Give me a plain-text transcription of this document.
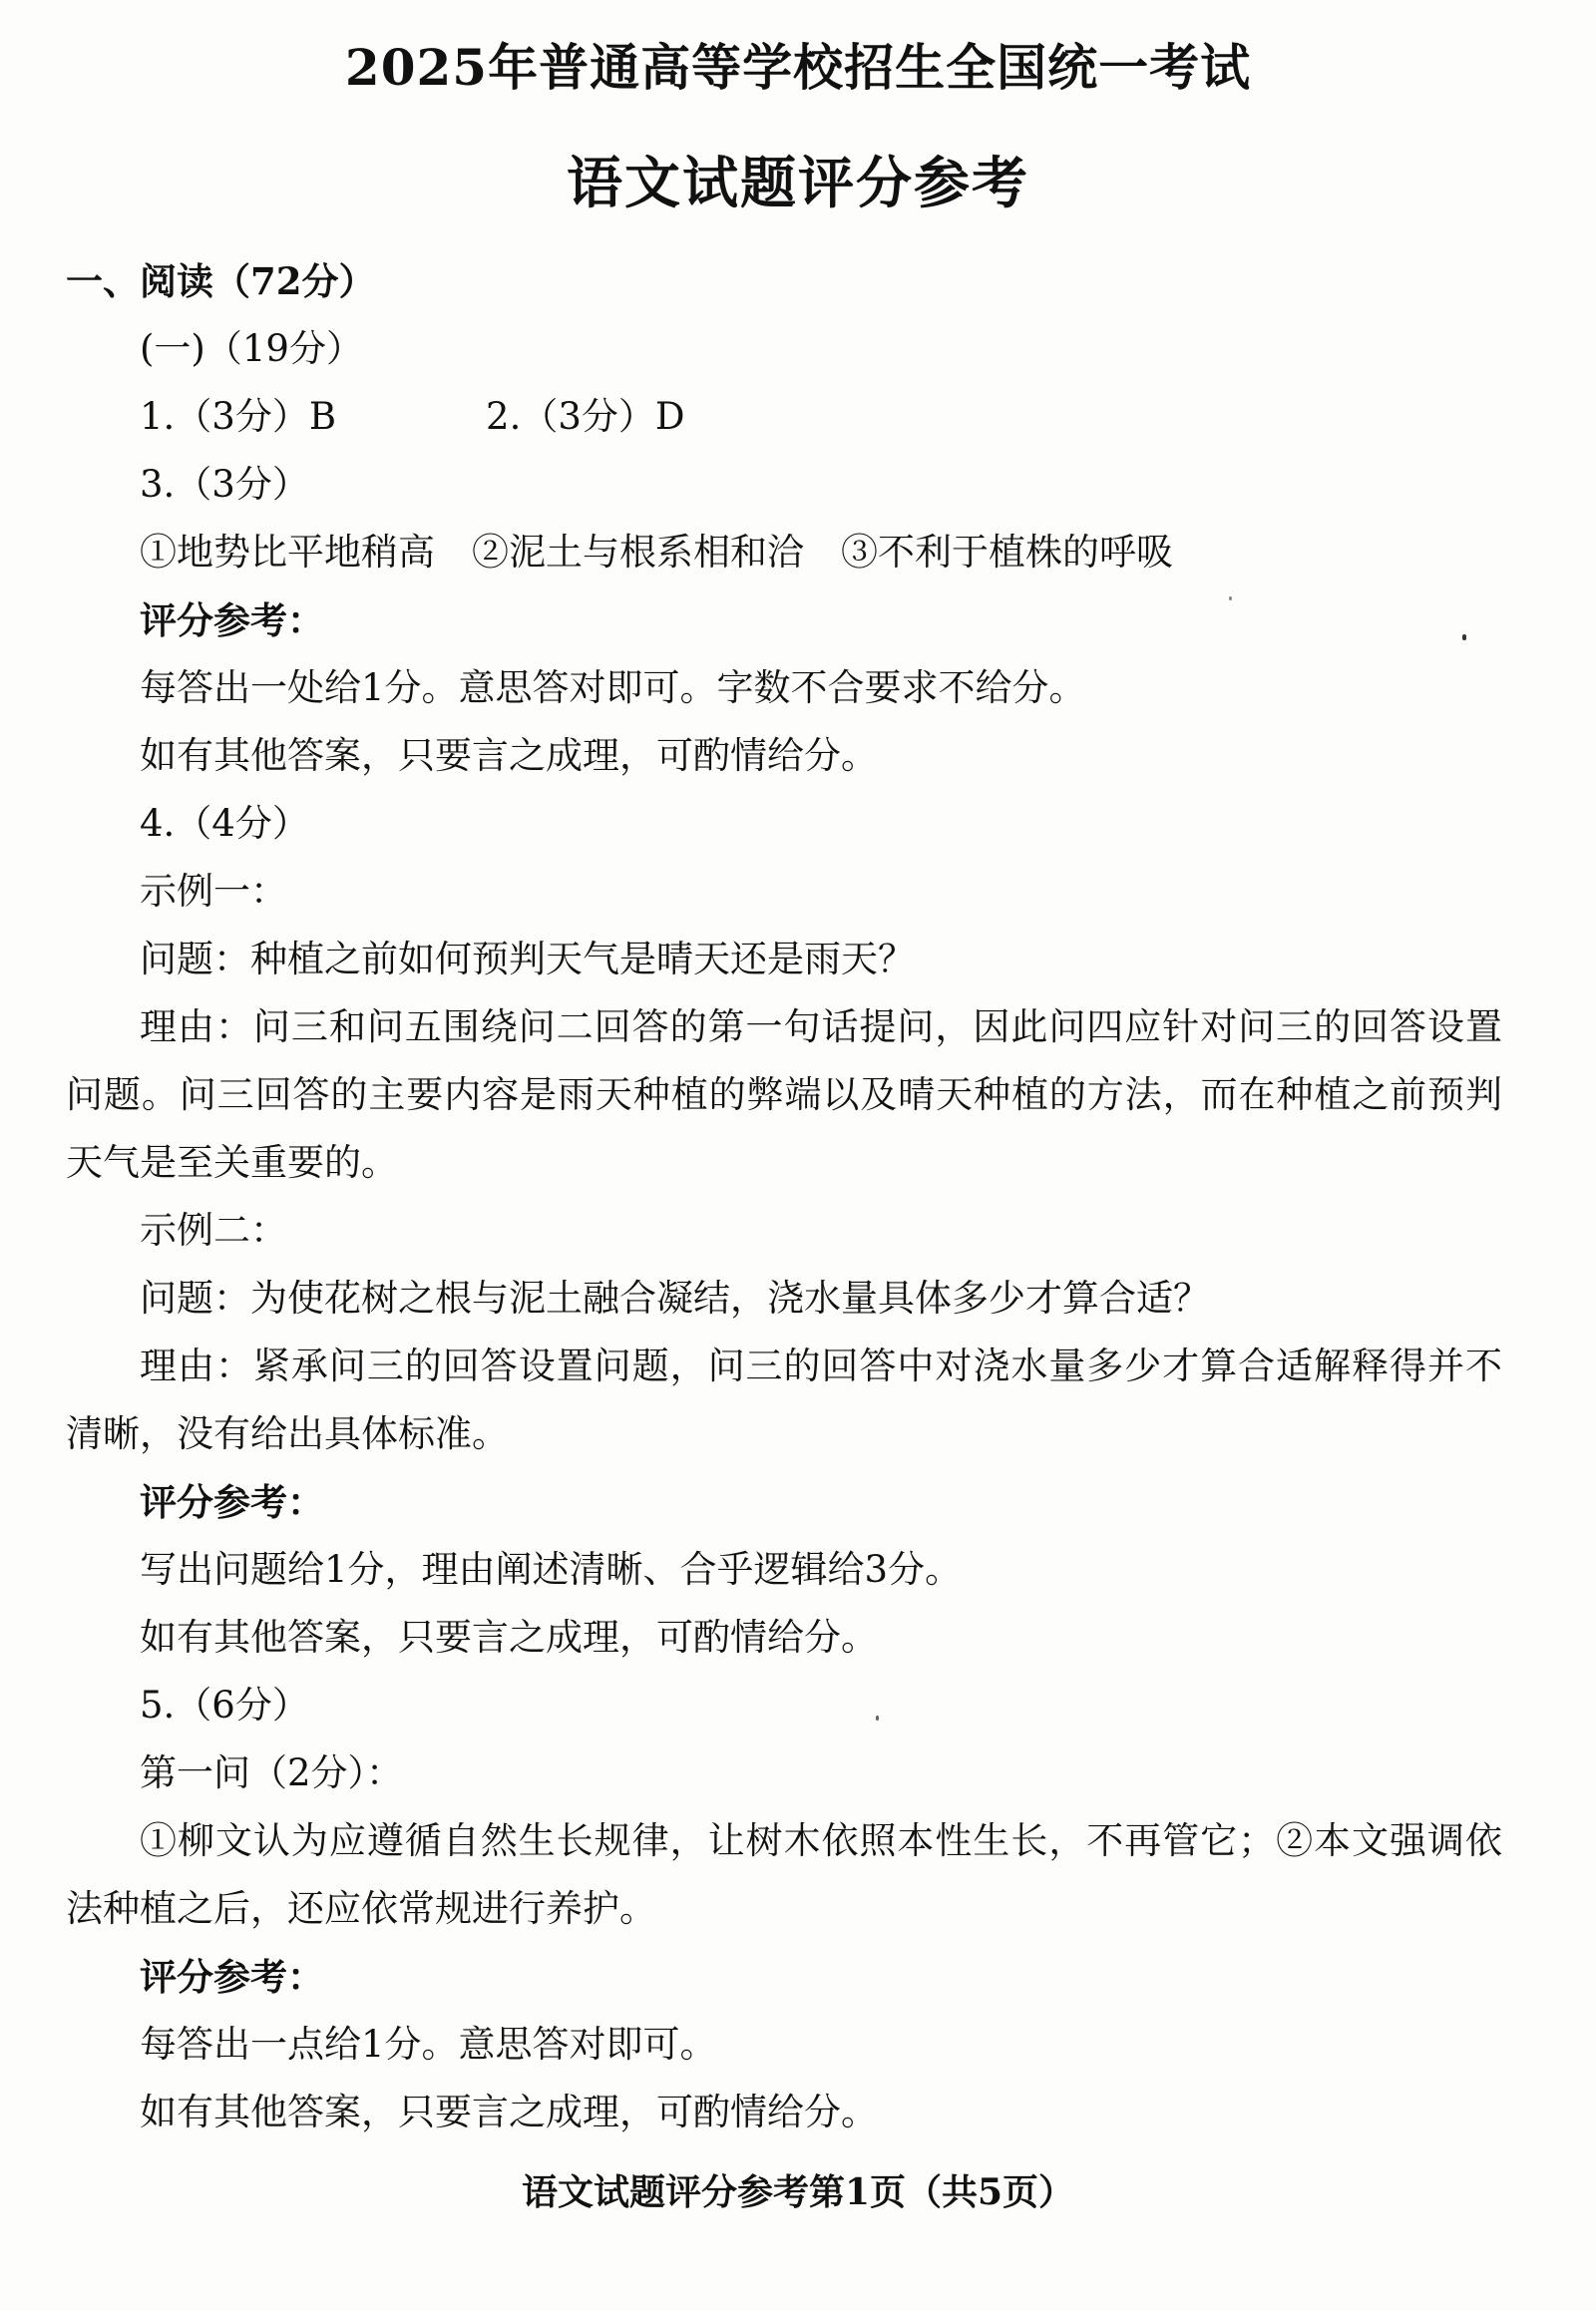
2025年普通高等学校招生全国统一考试
语文试题评分参考
一、阅读（72分）
(一)（19分）
1.（3分）B	2.（3分）D
3.（3分）
①地势比平地稍高　②泥土与根系相和洽　③不利于植株的呼吸
评分参考：
每答出一处给1分。意思答对即可。字数不合要求不给分。
如有其他答案，只要言之成理，可酌情给分。
4.（4分）
示例一：
问题：种植之前如何预判天气是晴天还是雨天？
理由：问三和问五围绕问二回答的第一句话提问，因此问四应针对问三的回答设置问题。问三回答的主要内容是雨天种植的弊端以及晴天种植的方法，而在种植之前预判天气是至关重要的。
示例二：
问题：为使花树之根与泥土融合凝结，浇水量具体多少才算合适？
理由：紧承问三的回答设置问题，问三的回答中对浇水量多少才算合适解释得并不清晰，没有给出具体标准。
评分参考：
写出问题给1分，理由阐述清晰、合乎逻辑给3分。
如有其他答案，只要言之成理，可酌情给分。
5.（6分）
第一问（2分）：
①柳文认为应遵循自然生长规律，让树木依照本性生长，不再管它；②本文强调依法种植之后，还应依常规进行养护。
评分参考：
每答出一点给1分。意思答对即可。
如有其他答案，只要言之成理，可酌情给分。
语文试题评分参考第1页（共5页）
